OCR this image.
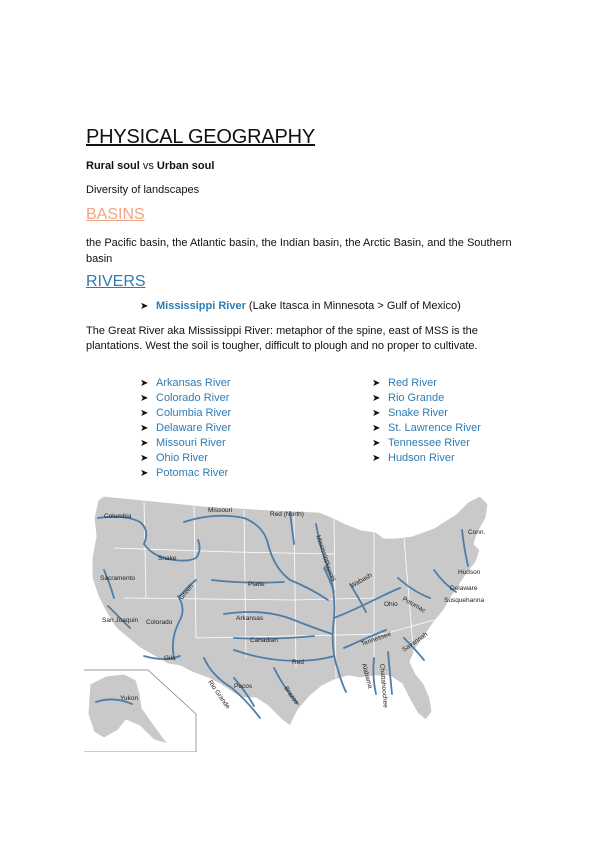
PHYSICAL GEOGRAPHY
Rural soul vs Urban soul
Diversity of landscapes
BASINS
the Pacific basin, the Atlantic basin, the Indian basin, the Arctic Basin, and the Southern basin
RIVERS
➤ Mississippi River (Lake Itasca in Minnesota > Gulf of Mexico)
The Great River aka Mississippi River: metaphor of the spine, east of MSS is the plantations. West the soil is tougher, difficult to plough and no proper to cultivate.
➤ Arkansas River
➤ Colorado River
➤ Columbia River
➤ Delaware River
➤ Missouri River
➤ Ohio River
➤ Potomac River
➤ Red River
➤ Rio Grande
➤ Snake River
➤ St. Lawrence River
➤ Tennessee River
➤ Hudson River
Columbia
Missouri
Red (North)
Mississippi
Conn.
Hudson
Snake
Sacramento
Platte
Green
Illinois Wabash
Ohio Potomac
Delaware
Susquehanna
San Joaquin Colorado
Arkansas
Canadian	Tennessee Savannah
Gila
Red
Pecos
Rio Grande	Brazos
Alabama Chattahoochee
Yukon
